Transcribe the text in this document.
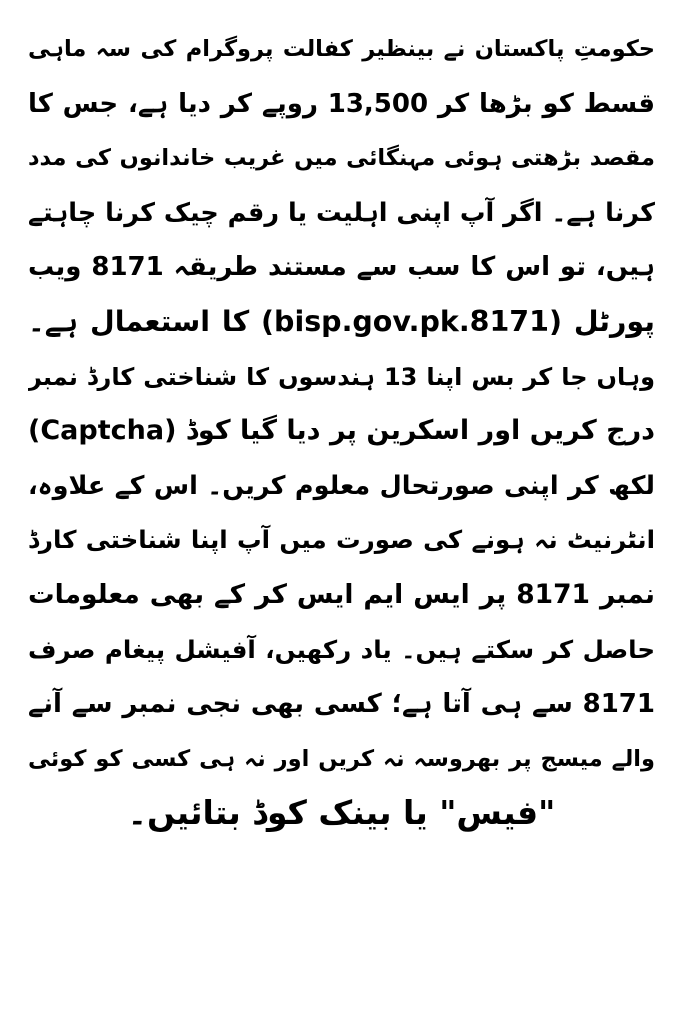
حکومتِ پاکستان نے بینظیر کفالت پروگرام کی سہ ماہی
قسط کو بڑھا کر 13,500 روپے کر دیا ہے، جس کا
مقصد بڑھتی ہوئی مہنگائی میں غریب خاندانوں کی مدد
کرنا ہے۔ اگر آپ اپنی اہلیت یا رقم چیک کرنا چاہتے
ہیں، تو اس کا سب سے مستند طریقہ 8171 ویب
پورٹل (bisp.gov.pk.8171) کا استعمال ہے۔
وہاں جا کر بس اپنا 13 ہندسوں کا شناختی کارڈ نمبر
درج کریں اور اسکرین پر دیا گیا کوڈ (Captcha)
لکھ کر اپنی صورتحال معلوم کریں۔ اس کے علاوہ،
انٹرنیٹ نہ ہونے کی صورت میں آپ اپنا شناختی کارڈ
نمبر 8171 پر ایس ایم ایس کر کے بھی معلومات
حاصل کر سکتے ہیں۔ یاد رکھیں، آفیشل پیغام صرف
8171 سے ہی آتا ہے؛ کسی بھی نجی نمبر سے آنے
والے میسج پر بھروسہ نہ کریں اور نہ ہی کسی کو کوئی
"فیس" یا بینک کوڈ بتائیں۔
